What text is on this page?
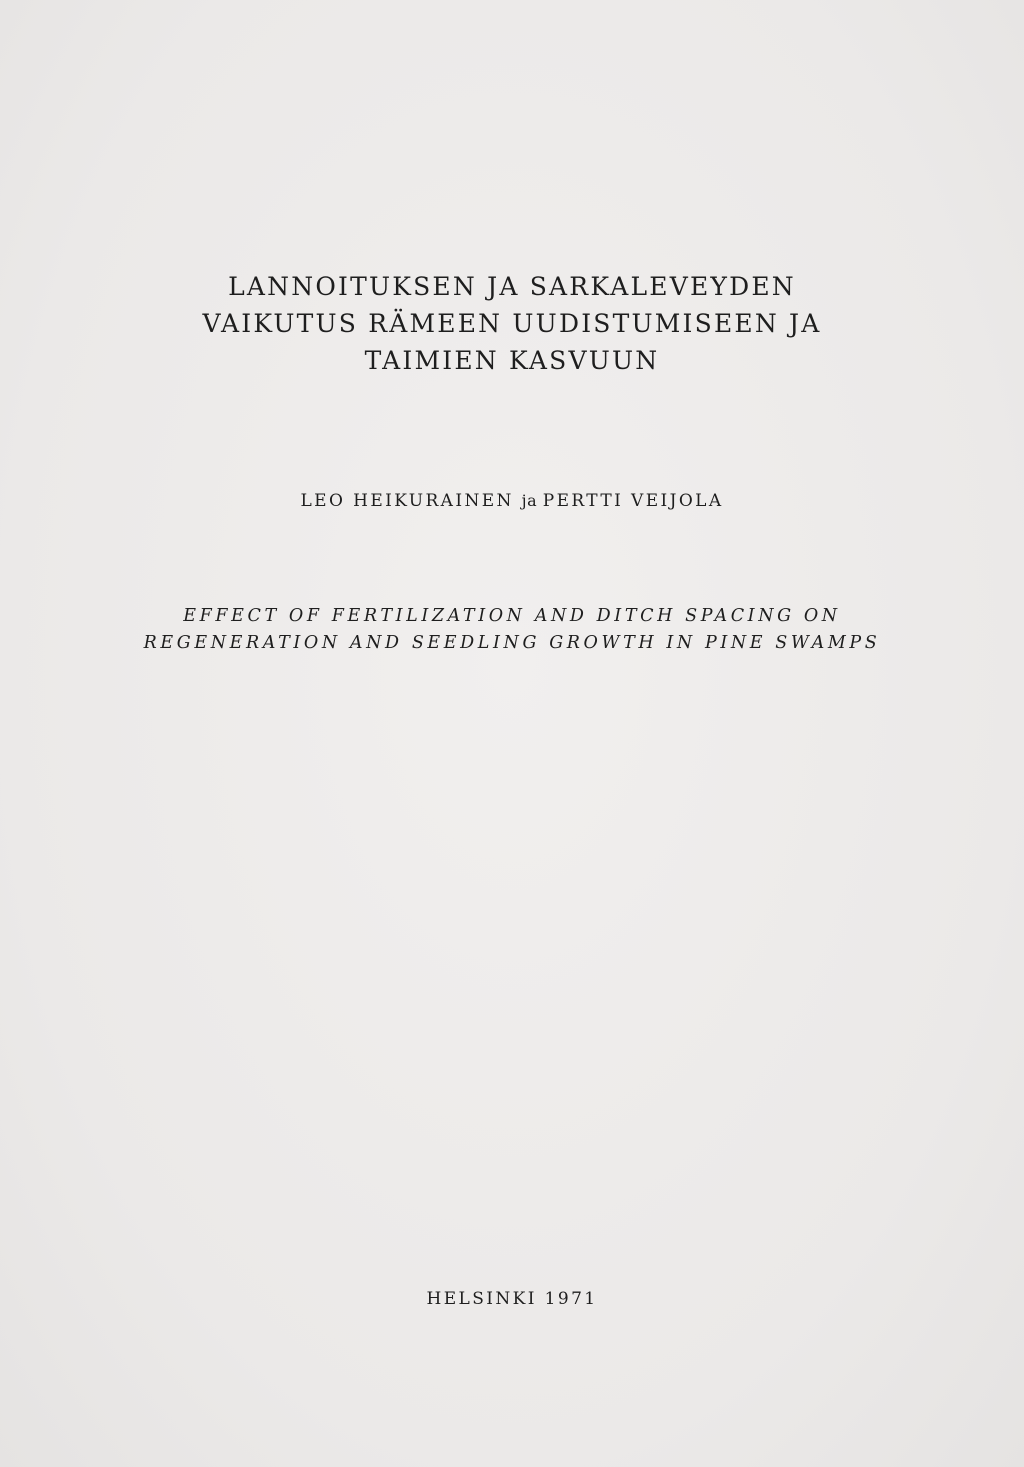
LANNOITUKSEN JA SARKALEVEYDEN
VAIKUTUS RÄMEEN UUDISTUMISEEN JA
TAIMIEN KASVUUN
LEO HEIKURAINEN ja PERTTI VEIJOLA
EFFECT OF FERTILIZATION AND DITCH SPACING ON
REGENERATION AND SEEDLING GROWTH IN PINE SWAMPS
HELSINKI 1971
